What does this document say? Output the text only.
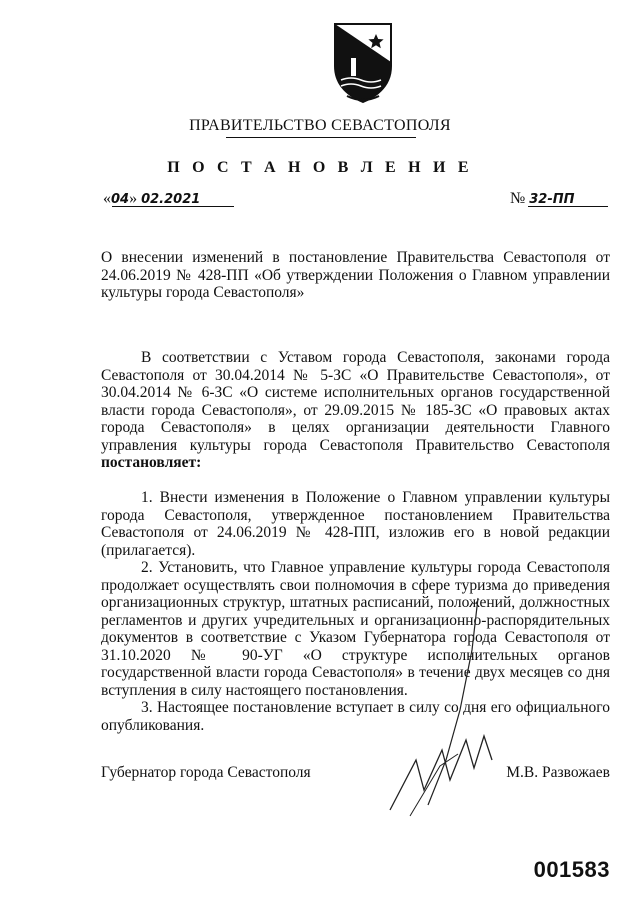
ПРАВИТЕЛЬСТВО СЕВАСТОПОЛЯ
П О С Т А Н О В Л Е Н И Е
«04» 02.2021	№ 32-ПП
О внесении изменений в постановление Правительства Севастополя от 24.06.2019 № 428-ПП «Об утверждении Положения о Главном управлении культуры города Севастополя»

В соответствии с Уставом города Севастополя, законами города Севастополя от 30.04.2014 № 5-ЗС «О Правительстве Севастополя», от 30.04.2014 № 6-ЗС «О системе исполнительных органов государственной власти города Севастополя», от 29.09.2015 № 185-ЗС «О правовых актах города Севастополя» в целях организации деятельности Главного управления культуры города Севастополя Правительство Севастополя постановляет:

1. Внести изменения в Положение о Главном управлении культуры города Севастополя, утвержденное постановлением Правительства Севастополя от 24.06.2019 № 428-ПП, изложив его в новой редакции (прилагается).

2. Установить, что Главное управление культуры города Севастополя продолжает осуществлять свои полномочия в сфере туризма до приведения организационных структур, штатных расписаний, положений, должностных регламентов и других учредительных и организационно-распорядительных документов в соответствие с Указом Губернатора города Севастополя от 31.10.2020 № 90-УГ «О структуре исполнительных органов государственной власти города Севастополя» в течение двух месяцев со дня вступления в силу настоящего постановления.

3. Настоящее постановление вступает в силу со дня его официального опубликования.

Губернатор города Севастополя	М.В. Развожаев
001583
